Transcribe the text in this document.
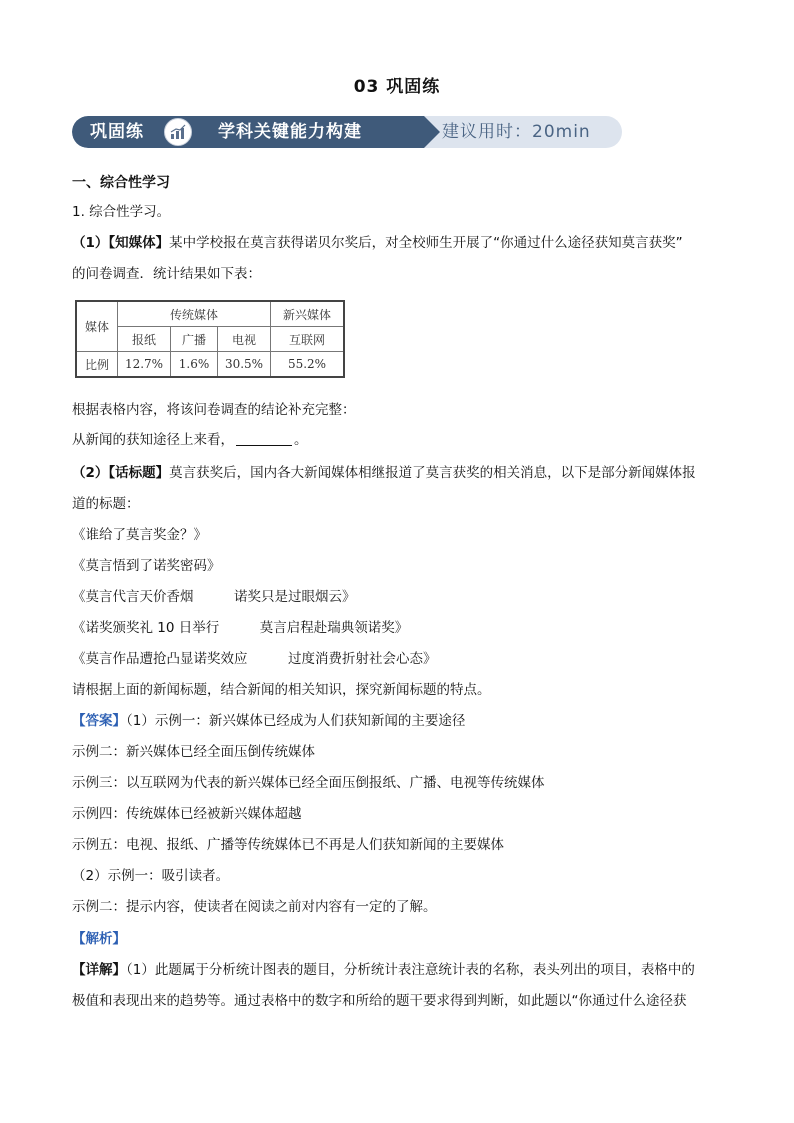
03 巩固练
巩固练	学科关键能力构建	建议用时：20min
一、综合性学习
1. 综合性学习。
（1）【知媒体】某中学校报在莫言获得诺贝尔奖后，对全校师生开展了“你通过什么途径获知莫言获奖”
的问卷调查．统计结果如下表：
媒体	传统媒体			新兴媒体
	报纸	广播	电视	互联网
比例	12.7%	1.6%	30.5%	55.2%
根据表格内容，将该问卷调查的结论补充完整：
从新闻的获知途径上来看，	。
（2）【话标题】莫言获奖后，国内各大新闻媒体相继报道了莫言获奖的相关消息，以下是部分新闻媒体报
道的标题：
《谁给了莫言奖金？》
《莫言悟到了诺奖密码》
《莫言代言天价香烟　　　诺奖只是过眼烟云》
《诺奖颁奖礼 10 日举行　　　莫言启程赴瑞典领诺奖》
《莫言作品遭抢凸显诺奖效应　　　过度消费折射社会心态》
请根据上面的新闻标题，结合新闻的相关知识，探究新闻标题的特点。
【答案】（1）示例一：新兴媒体已经成为人们获知新闻的主要途径
示例二：新兴媒体已经全面压倒传统媒体
示例三：以互联网为代表的新兴媒体已经全面压倒报纸、广播、电视等传统媒体
示例四：传统媒体已经被新兴媒体超越
示例五：电视、报纸、广播等传统媒体已不再是人们获知新闻的主要媒体
（2）示例一：吸引读者。
示例二：提示内容，使读者在阅读之前对内容有一定的了解。
【解析】
【详解】（1）此题属于分析统计图表的题目，分析统计表注意统计表的名称，表头列出的项目，表格中的
极值和表现出来的趋势等。通过表格中的数字和所给的题干要求得到判断，如此题以“你通过什么途径获
